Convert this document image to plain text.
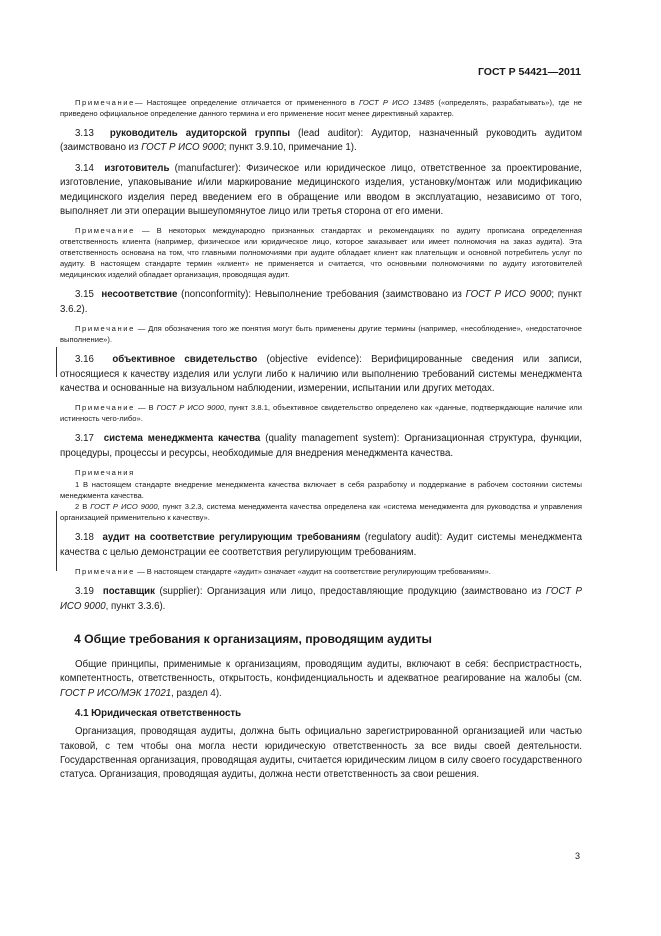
ГОСТ Р 54421—2011

Примечание— Настоящее определение отличается от примененного в ГОСТ Р ИСО 13485 («определять, разрабатывать»), где не приведено официальное определение данного термина и его применение носит менее директивный характер.

3.13 руководитель аудиторской группы (lead auditor): Аудитор, назначенный руководить аудитом (заимствовано из ГОСТ Р ИСО 9000; пункт 3.9.10, примечание 1).

3.14 изготовитель (manufacturer): Физическое или юридическое лицо, ответственное за проектирование, изготовление, упаковывание и/или маркирование медицинского изделия, установку/монтаж или модификацию медицинского изделия перед введением его в обращение или вводом в эксплуатацию, независимо от того, выполняет ли эти операции вышеупомянутое лицо или третья сторона от его имени.

Примечание — В некоторых международно признанных стандартах и рекомендациях по аудиту прописана определенная ответственность клиента (например, физическое или юридическое лицо, которое заказывает или имеет полномочия на заказ аудита). Эта ответственность основана на том, что главными полномочиями при аудите обладает клиент как плательщик и основной потребитель услуг по аудиту. В настоящем стандарте термин «клиент» не применяется и считается, что основными полномочиями по аудиту изготовителей медицинских изделий обладает организация, проводящая аудит.

3.15 несоответствие (nonconformity): Невыполнение требования (заимствовано из ГОСТ Р ИСО 9000; пункт 3.6.2).

Примечание — Для обозначения того же понятия могут быть применены другие термины (например, «несоблюдение», «недостаточное выполнение»).

3.16 объективное свидетельство (objective evidence): Верифицированные сведения или записи, относящиеся к качеству изделия или услуги либо к наличию или выполнению требований системы менеджмента качества и основанные на визуальном наблюдении, измерении, испытании или других методах.

Примечание — В ГОСТ Р ИСО 9000, пункт 3.8.1, объективное свидетельство определено как «данные, подтверждающие наличие или истинность чего-либо».

3.17 система менеджмента качества (quality management system): Организационная структура, функции, процедуры, процессы и ресурсы, необходимые для внедрения менеджмента качества.

Примечания

1 В настоящем стандарте внедрение менеджмента качества включает в себя разработку и поддержание в рабочем состоянии системы менеджмента качества.

2 В ГОСТ Р ИСО 9000, пункт 3.2.3, система менеджмента качества определена как «система менеджмента для руководства и управления организацией применительно к качеству».

3.18 аудит на соответствие регулирующим требованиям (regulatory audit): Аудит системы менеджмента качества с целью демонстрации ее соответствия регулирующим требованиям.

Примечание — В настоящем стандарте «аудит» означает «аудит на соответствие регулирующим требованиям».

3.19 поставщик (supplier): Организация или лицо, предоставляющие продукцию (заимствовано из ГОСТ Р ИСО 9000, пункт 3.3.6).

4 Общие требования к организациям, проводящим аудиты

Общие принципы, применимые к организациям, проводящим аудиты, включают в себя: беспристрастность, компетентность, ответственность, открытость, конфиденциальность и адекватное реагирование на жалобы (см. ГОСТ Р ИСО/МЭК 17021, раздел 4).

4.1 Юридическая ответственность

Организация, проводящая аудиты, должна быть официально зарегистрированной организацией или частью таковой, с тем чтобы она могла нести юридическую ответственность за все виды своей деятельности. Государственная организация, проводящая аудиты, считается юридическим лицом в силу своего государственного статуса. Организация, проводящая аудиты, должна нести ответственность за свои решения.

3
